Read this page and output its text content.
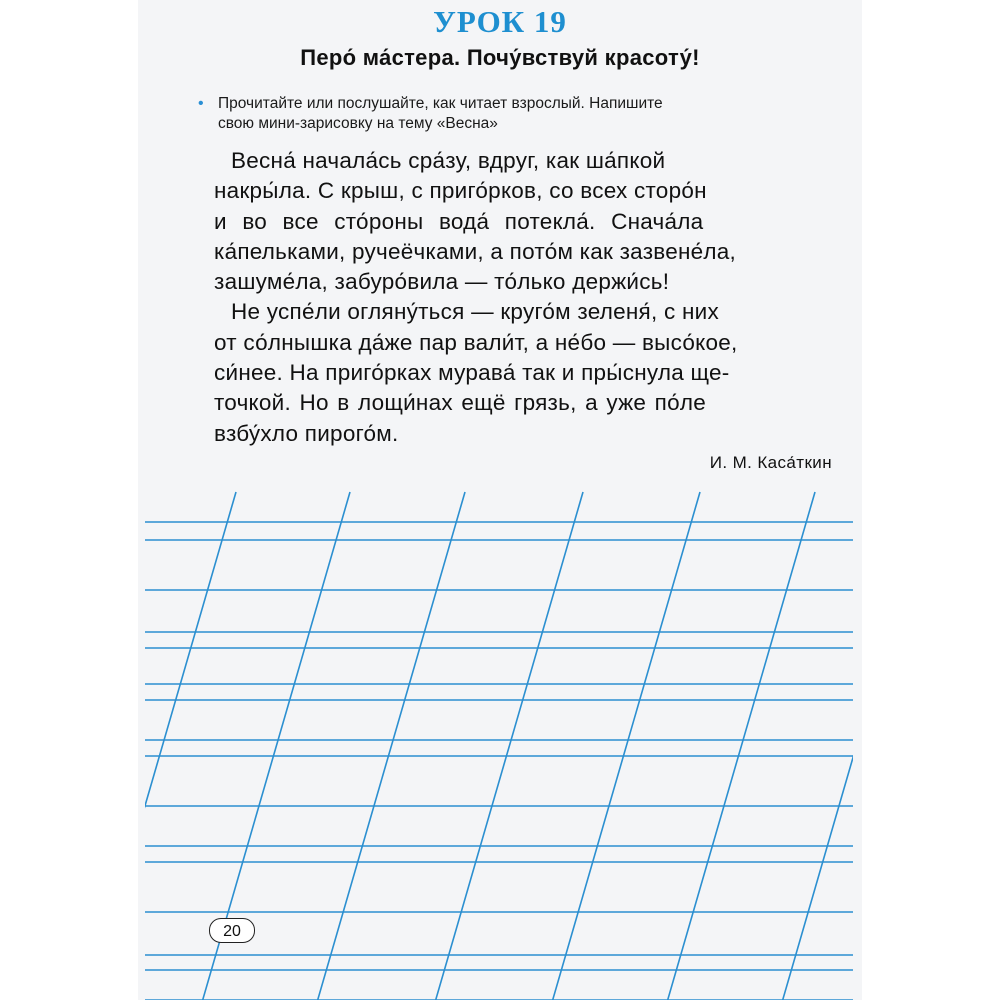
УРОК 19
Перо́ ма́стера. Почу́вствуй красоту́!
• Прочитайте или послушайте, как читает взрослый. Напишите
свою мини-зарисовку на тему «Весна»
Весна́ начала́сь сра́зу, вдруг, как ша́пкой
накры́ла. С крыш, с приго́рков, со всех сторо́н
и во все сто́роны вода́ потекла́. Снача́ла
ка́пельками, ручеёчками, а пото́м как зазвене́ла,
зашуме́ла, забуро́вила — то́лько держи́сь!
Не успе́ли огляну́ться — круго́м зеленя́, с них
от со́лнышка да́же пар вали́т, а не́бо — высо́кое,
си́нее. На приго́рках мурава́ так и пры́снула ще-
точкой. Но в лощи́нах ещё грязь, а уже по́ле
взбу́хло пирого́м.
И. М. Каса́ткин
20
